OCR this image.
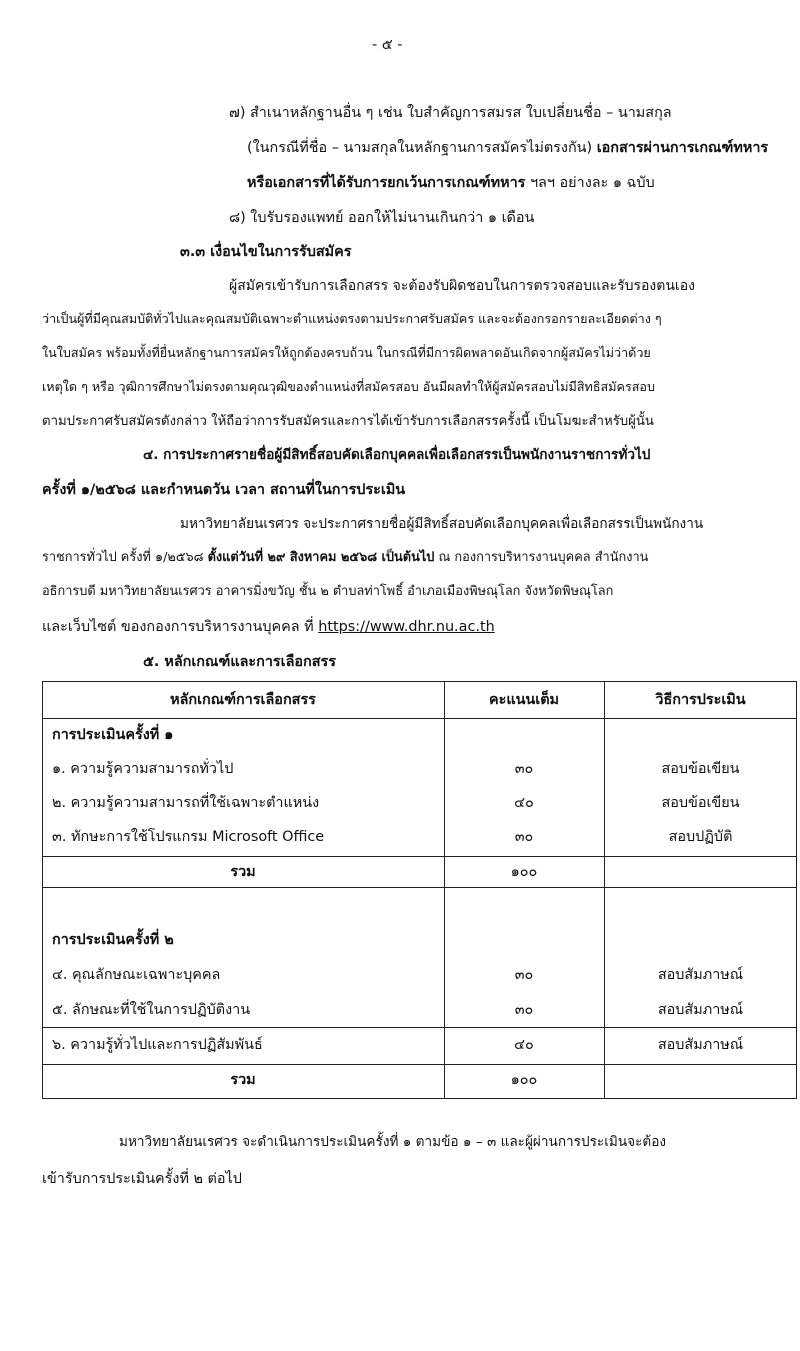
- ๕ -
๗) สำเนาหลักฐานอื่น ๆ เช่น ใบสำคัญการสมรส ใบเปลี่ยนชื่อ – นามสกุล
(ในกรณีที่ชื่อ – นามสกุลในหลักฐานการสมัครไม่ตรงกัน) เอกสารผ่านการเกณฑ์ทหาร
หรือเอกสารที่ได้รับการยกเว้นการเกณฑ์ทหาร ฯลฯ อย่างละ ๑ ฉบับ
๘) ใบรับรองแพทย์ ออกให้ไม่นานเกินกว่า ๑ เดือน
๓.๓ เงื่อนไขในการรับสมัคร
ผู้สมัครเข้ารับการเลือกสรร จะต้องรับผิดชอบในการตรวจสอบและรับรองตนเอง
ว่าเป็นผู้ที่มีคุณสมบัติทั่วไปและคุณสมบัติเฉพาะตำแหน่งตรงตามประกาศรับสมัคร และจะต้องกรอกรายละเอียดต่าง ๆ
ในใบสมัคร พร้อมทั้งที่ยื่นหลักฐานการสมัครให้ถูกต้องครบถ้วน ในกรณีที่มีการผิดพลาดอันเกิดจากผู้สมัครไม่ว่าด้วย
เหตุใด ๆ หรือ วุฒิการศึกษาไม่ตรงตามคุณวุฒิของตำแหน่งที่สมัครสอบ อันมีผลทำให้ผู้สมัครสอบไม่มีสิทธิสมัครสอบ
ตามประกาศรับสมัครดังกล่าว ให้ถือว่าการรับสมัครและการได้เข้ารับการเลือกสรรครั้งนี้ เป็นโมฆะสำหรับผู้นั้น
๔. การประกาศรายชื่อผู้มีสิทธิ์สอบคัดเลือกบุคคลเพื่อเลือกสรรเป็นพนักงานราชการทั่วไป
ครั้งที่ ๑/๒๕๖๘ และกำหนดวัน เวลา สถานที่ในการประเมิน
มหาวิทยาลัยนเรศวร จะประกาศรายชื่อผู้มีสิทธิ์สอบคัดเลือกบุคคลเพื่อเลือกสรรเป็นพนักงาน
ราชการทั่วไป ครั้งที่ ๑/๒๕๖๘ ตั้งแต่วันที่ ๒๙ สิงหาคม ๒๕๖๘ เป็นต้นไป ณ กองการบริหารงานบุคคล สำนักงาน
อธิการบดี มหาวิทยาลัยนเรศวร อาคารมิ่งขวัญ ชั้น ๒ ตำบลท่าโพธิ์ อำเภอเมืองพิษณุโลก จังหวัดพิษณุโลก
และเว็บไซต์ ของกองการบริหารงานบุคคล ที่ https://www.dhr.nu.ac.th
๕. หลักเกณฑ์และการเลือกสรร
หลักเกณฑ์การเลือกสรร	คะแนนเต็ม	วิธีการประเมิน
การประเมินครั้งที่ ๑
๑. ความรู้ความสามารถทั่วไป	๓๐	สอบข้อเขียน
๒. ความรู้ความสามารถที่ใช้เฉพาะตำแหน่ง	๔๐	สอบข้อเขียน
๓. ทักษะการใช้โปรแกรม Microsoft Office	๓๐	สอบปฏิบัติ
รวม	๑๐๐
การประเมินครั้งที่ ๒
๔. คุณลักษณะเฉพาะบุคคล	๓๐	สอบสัมภาษณ์
๕. ลักษณะที่ใช้ในการปฏิบัติงาน	๓๐	สอบสัมภาษณ์
๖. ความรู้ทั่วไปและการปฏิสัมพันธ์	๔๐	สอบสัมภาษณ์
รวม	๑๐๐
มหาวิทยาลัยนเรศวร จะดำเนินการประเมินครั้งที่ ๑ ตามข้อ ๑ – ๓ และผู้ผ่านการประเมินจะต้อง
เข้ารับการประเมินครั้งที่ ๒ ต่อไป
